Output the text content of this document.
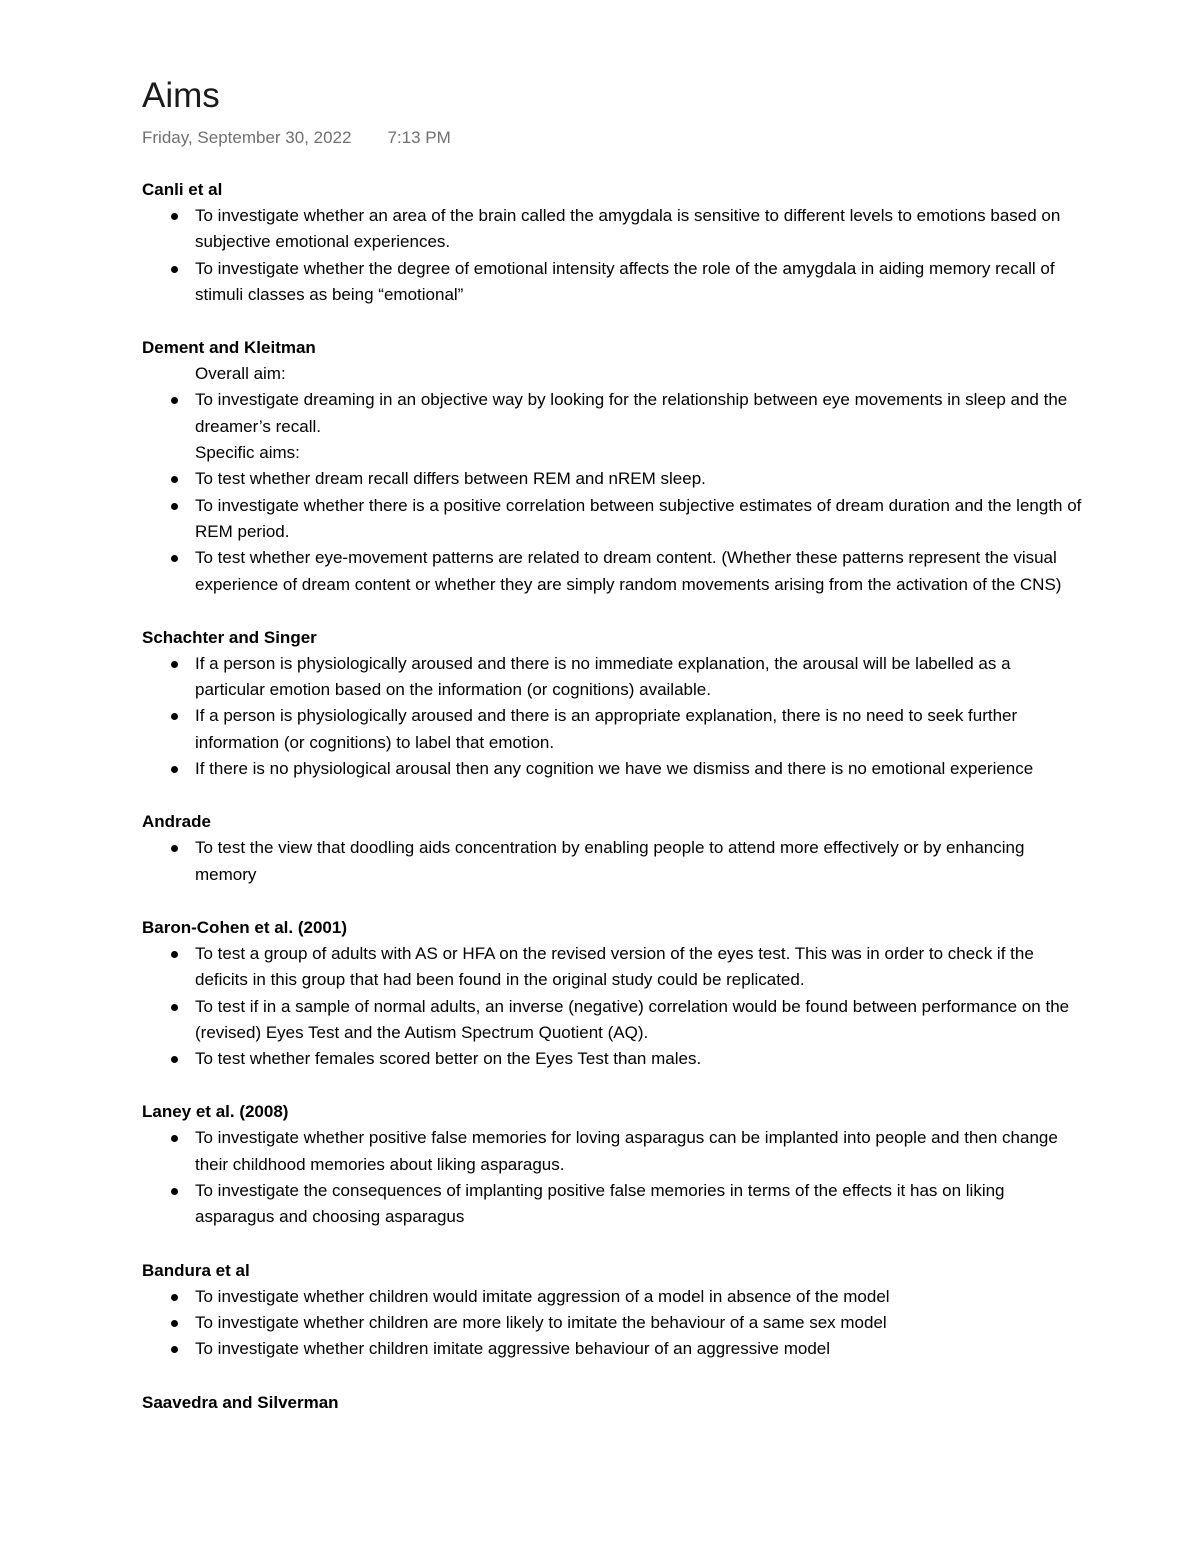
Aims
Friday, September 30, 2022 7:13 PM

Canli et al

To investigate whether an area of the brain called the amygdala is sensitive to different levels to emotions based on subjective emotional experiences.
To investigate whether the degree of emotional intensity affects the role of the amygdala in aiding memory recall of stimuli classes as being “emotional”

Dement and Kleitman

Overall aim:

To investigate dreaming in an objective way by looking for the relationship between eye movements in sleep and the dreamer’s recall.

Specific aims:

To test whether dream recall differs between REM and nREM sleep.
To investigate whether there is a positive correlation between subjective estimates of dream duration and the length of REM period.
To test whether eye-movement patterns are related to dream content. (Whether these patterns represent the visual experience of dream content or whether they are simply random movements arising from the activation of the CNS)

Schachter and Singer

If a person is physiologically aroused and there is no immediate explanation, the arousal will be labelled as a particular emotion based on the information (or cognitions) available.
If a person is physiologically aroused and there is an appropriate explanation, there is no need to seek further information (or cognitions) to label that emotion.
If there is no physiological arousal then any cognition we have we dismiss and there is no emotional experience

Andrade

To test the view that doodling aids concentration by enabling people to attend more effectively or by enhancing memory

Baron-Cohen et al. (2001)

To test a group of adults with AS or HFA on the revised version of the eyes test. This was in order to check if the deficits in this group that had been found in the original study could be replicated.
To test if in a sample of normal adults, an inverse (negative) correlation would be found between performance on the (revised) Eyes Test and the Autism Spectrum Quotient (AQ).
To test whether females scored better on the Eyes Test than males.

Laney et al. (2008)

To investigate whether positive false memories for loving asparagus can be implanted into people and then change their childhood memories about liking asparagus.
To investigate the consequences of implanting positive false memories in terms of the effects it has on liking asparagus and choosing asparagus

Bandura et al

To investigate whether children would imitate aggression of a model in absence of the model
To investigate whether children are more likely to imitate the behaviour of a same sex model
To investigate whether children imitate aggressive behaviour of an aggressive model

Saavedra and Silverman
